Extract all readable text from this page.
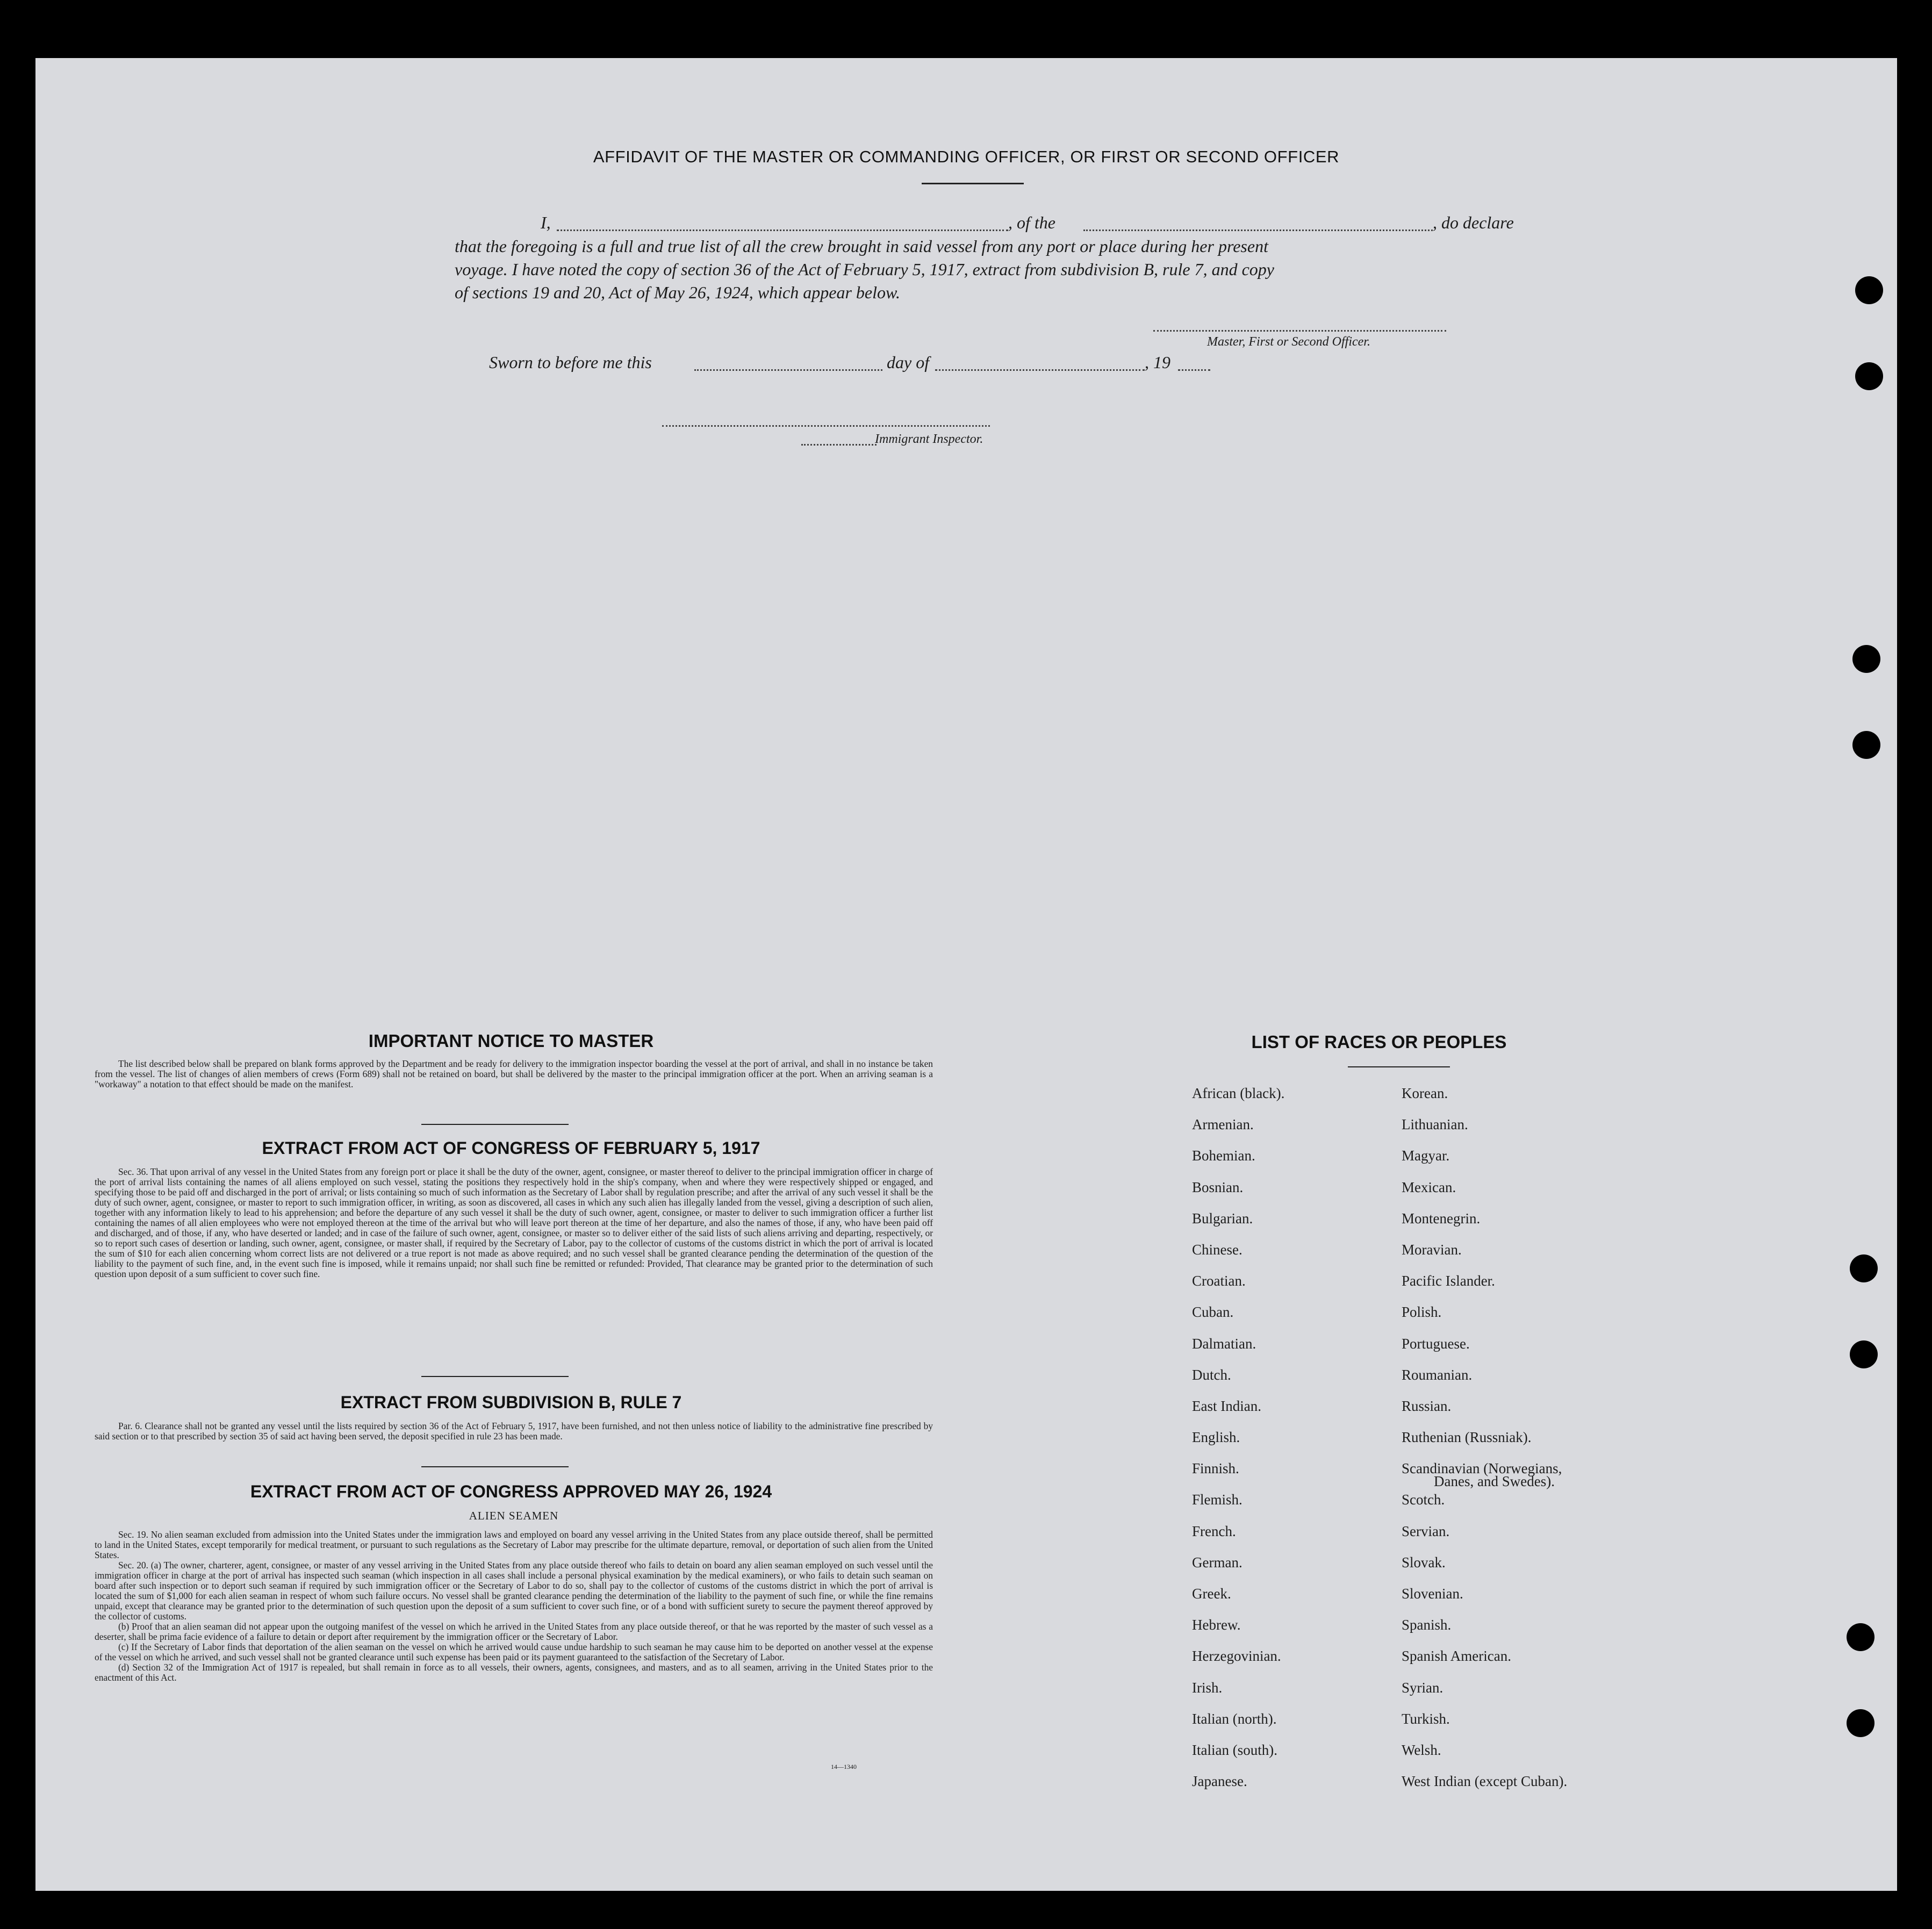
AFFIDAVIT OF THE MASTER OR COMMANDING OFFICER, OR FIRST OR SECOND OFFICER
I,	, of the	, do declare
that the foregoing is a full and true list of all the crew brought in said vessel from any port or place during her present
voyage. I have noted the copy of section 36 of the Act of February 5, 1917, extract from subdivision B, rule 7, and copy
of sections 19 and 20, Act of May 26, 1924, which appear below.
Master, First or Second Officer.
Sworn to before me this	day of	, 19
Immigrant Inspector.
IMPORTANT NOTICE TO MASTER

The list described below shall be prepared on blank forms approved by the Department and be ready for delivery to the immigration inspector boarding the vessel at the port of arrival, and shall in no instance be taken from the vessel. The list of changes of alien members of crews (Form 689) shall not be retained on board, but shall be delivered by the master to the principal immigration officer at the port. When an arriving seaman is a "workaway" a notation to that effect should be made on the manifest.

EXTRACT FROM ACT OF CONGRESS OF FEBRUARY 5, 1917

Sec. 36. That upon arrival of any vessel in the United States from any foreign port or place it shall be the duty of the owner, agent, consignee, or master thereof to deliver to the principal immigration officer in charge of the port of arrival lists containing the names of all aliens employed on such vessel, stating the positions they respectively hold in the ship's company, when and where they were respectively shipped or engaged, and specifying those to be paid off and discharged in the port of arrival; or lists containing so much of such information as the Secretary of Labor shall by regulation prescribe; and after the arrival of any such vessel it shall be the duty of such owner, agent, consignee, or master to report to such immigration officer, in writing, as soon as discovered, all cases in which any such alien has illegally landed from the vessel, giving a description of such alien, together with any information likely to lead to his apprehension; and before the departure of any such vessel it shall be the duty of such owner, agent, consignee, or master to deliver to such immigration officer a further list containing the names of all alien employees who were not employed thereon at the time of the arrival but who will leave port thereon at the time of her departure, and also the names of those, if any, who have been paid off and discharged, and of those, if any, who have deserted or landed; and in case of the failure of such owner, agent, consignee, or master so to deliver either of the said lists of such aliens arriving and departing, respectively, or so to report such cases of desertion or landing, such owner, agent, consignee, or master shall, if required by the Secretary of Labor, pay to the collector of customs of the customs district in which the port of arrival is located the sum of $10 for each alien concerning whom correct lists are not delivered or a true report is not made as above required; and no such vessel shall be granted clearance pending the determination of the question of the liability to the payment of such fine, and, in the event such fine is imposed, while it remains unpaid; nor shall such fine be remitted or refunded: Provided, That clearance may be granted prior to the determination of such question upon deposit of a sum sufficient to cover such fine.

EXTRACT FROM SUBDIVISION B, RULE 7

Par. 6. Clearance shall not be granted any vessel until the lists required by section 36 of the Act of February 5, 1917, have been furnished, and not then unless notice of liability to the administrative fine prescribed by said section or to that prescribed by section 35 of said act having been served, the deposit specified in rule 23 has been made.

EXTRACT FROM ACT OF CONGRESS APPROVED MAY 26, 1924
ALIEN SEAMEN

Sec. 19. No alien seaman excluded from admission into the United States under the immigration laws and employed on board any vessel arriving in the United States from any place outside thereof, shall be permitted to land in the United States, except temporarily for medical treatment, or pursuant to such regulations as the Secretary of Labor may prescribe for the ultimate departure, removal, or deportation of such alien from the United States.

Sec. 20. (a) The owner, charterer, agent, consignee, or master of any vessel arriving in the United States from any place outside thereof who fails to detain on board any alien seaman employed on such vessel until the immigration officer in charge at the port of arrival has inspected such seaman (which inspection in all cases shall include a personal physical examination by the medical examiners), or who fails to detain such seaman on board after such inspection or to deport such seaman if required by such immigration officer or the Secretary of Labor to do so, shall pay to the collector of customs of the customs district in which the port of arrival is located the sum of $1,000 for each alien seaman in respect of whom such failure occurs. No vessel shall be granted clearance pending the determination of the liability to the payment of such fine, or while the fine remains unpaid, except that clearance may be granted prior to the determination of such question upon the deposit of a sum sufficient to cover such fine, or of a bond with sufficient surety to secure the payment thereof approved by the collector of customs.

(b) Proof that an alien seaman did not appear upon the outgoing manifest of the vessel on which he arrived in the United States from any place outside thereof, or that he was reported by the master of such vessel as a deserter, shall be prima facie evidence of a failure to detain or deport after requirement by the immigration officer or the Secretary of Labor.

(c) If the Secretary of Labor finds that deportation of the alien seaman on the vessel on which he arrived would cause undue hardship to such seaman he may cause him to be deported on another vessel at the expense of the vessel on which he arrived, and such vessel shall not be granted clearance until such expense has been paid or its payment guaranteed to the satisfaction of the Secretary of Labor.

(d) Section 32 of the Immigration Act of 1917 is repealed, but shall remain in force as to all vessels, their owners, agents, consignees, and masters, and as to all seamen, arriving in the United States prior to the enactment of this Act.

14—1340
LIST OF RACES OR PEOPLES
African (black).
Armenian.
Bohemian.
Bosnian.
Bulgarian.
Chinese.
Croatian.
Cuban.
Dalmatian.
Dutch.
East Indian.
English.
Finnish.
Flemish.
French.
German.
Greek.
Hebrew.
Herzegovinian.
Irish.
Italian (north).
Italian (south).
Japanese.
Korean.
Lithuanian.
Magyar.
Mexican.
Montenegrin.
Moravian.
Pacific Islander.
Polish.
Portuguese.
Roumanian.
Russian.
Ruthenian (Russniak).
Scandinavian (Norwegians,
Danes, and Swedes).
Scotch.
Servian.
Slovak.
Slovenian.
Spanish.
Spanish American.
Syrian.
Turkish.
Welsh.
West Indian (except Cuban).
